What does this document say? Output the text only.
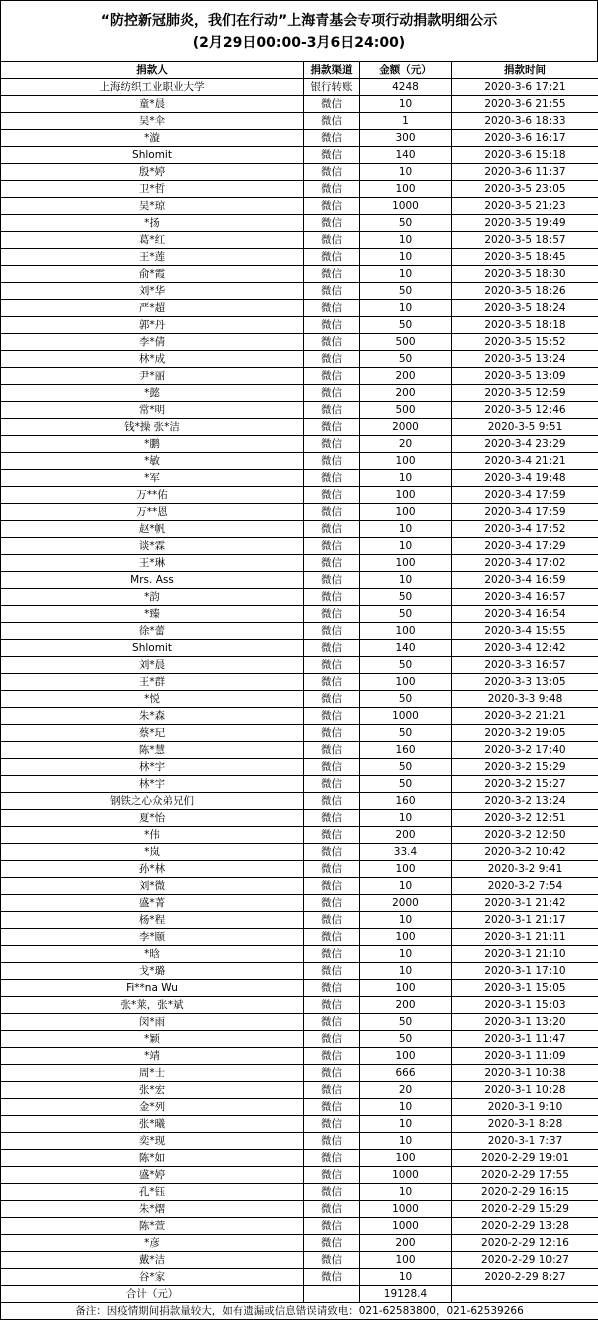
“防控新冠肺炎，我们在行动”上海青基会专项行动捐款明细公示
(2月29日00:00-3月6日24:00)
捐款人	捐款渠道	金额（元）	捐款时间
上海纺织工业职业大学	银行转账	4248	2020-3-6 17:21
童*晨	微信	10	2020-3-6 21:55
吴*伞	微信	1	2020-3-6 18:33
*漩	微信	300	2020-3-6 16:17
Shlomit	微信	140	2020-3-6 15:18
殷*婷	微信	10	2020-3-6 11:37
卫*哲	微信	100	2020-3-5 23:05
吴*琼	微信	1000	2020-3-5 21:23
*扬	微信	50	2020-3-5 19:49
葛*红	微信	10	2020-3-5 18:57
王*莲	微信	10	2020-3-5 18:45
俞*霞	微信	10	2020-3-5 18:30
刘*华	微信	50	2020-3-5 18:26
严*超	微信	10	2020-3-5 18:24
郭*丹	微信	50	2020-3-5 18:18
李*倩	微信	500	2020-3-5 15:52
林*成	微信	50	2020-3-5 13:24
尹*丽	微信	200	2020-3-5 13:09
*懿	微信	200	2020-3-5 12:59
常*明	微信	500	2020-3-5 12:46
钱*操 张*洁	微信	2000	2020-3-5 9:51
*鹏	微信	20	2020-3-4 23:29
*敏	微信	100	2020-3-4 21:21
*军	微信	10	2020-3-4 19:48
万**佑	微信	100	2020-3-4 17:59
万**恩	微信	100	2020-3-4 17:59
赵*帆	微信	10	2020-3-4 17:52
谈*霖	微信	10	2020-3-4 17:29
王*琳	微信	100	2020-3-4 17:02
Mrs. Ass	微信	10	2020-3-4 16:59
*韵	微信	50	2020-3-4 16:57
*臻	微信	50	2020-3-4 16:54
徐*蕾	微信	100	2020-3-4 15:55
Shlomit	微信	140	2020-3-4 12:42
刘*晨	微信	50	2020-3-3 16:57
王*群	微信	100	2020-3-3 13:05
*悦	微信	50	2020-3-3 9:48
朱*森	微信	1000	2020-3-2 21:21
蔡*玘	微信	50	2020-3-2 19:05
陈*慧	微信	160	2020-3-2 17:40
林*宇	微信	50	2020-3-2 15:29
林*宇	微信	50	2020-3-2 15:27
钢铁之心众弟兄们	微信	160	2020-3-2 13:24
夏*怡	微信	10	2020-3-2 12:51
*伟	微信	200	2020-3-2 12:50
*岚	微信	33.4	2020-3-2 10:42
孙*林	微信	100	2020-3-2 9:41
刘*微	微信	10	2020-3-2 7:54
盛*菁	微信	2000	2020-3-1 21:42
杨*程	微信	10	2020-3-1 21:17
李*颐	微信	100	2020-3-1 21:11
*晗	微信	10	2020-3-1 21:10
戈*璐	微信	10	2020-3-1 17:10
Fi**na Wu	微信	100	2020-3-1 15:05
张*莱，张*斌	微信	200	2020-3-1 15:03
闵*雨	微信	50	2020-3-1 13:20
*颖	微信	50	2020-3-1 11:47
*靖	微信	100	2020-3-1 11:09
周*士	微信	666	2020-3-1 10:38
张*宏	微信	20	2020-3-1 10:28
金*列	微信	10	2020-3-1 9:10
张*曦	微信	10	2020-3-1 8:28
奕*现	微信	10	2020-3-1 7:37
陈*如	微信	100	2020-2-29 19:01
盛*婷	微信	1000	2020-2-29 17:55
孔*钰	微信	10	2020-2-29 16:15
朱*熠	微信	1000	2020-2-29 15:29
陈*萱	微信	1000	2020-2-29 13:28
*彦	微信	200	2020-2-29 12:16
戴*洁	微信	100	2020-2-29 10:27
谷*家	微信	10	2020-2-29 8:27
合计（元）		19128.4	
备注：因疫情期间捐款量较大，如有遗漏或信息错误请致电：021-62583800，021-62539266			
